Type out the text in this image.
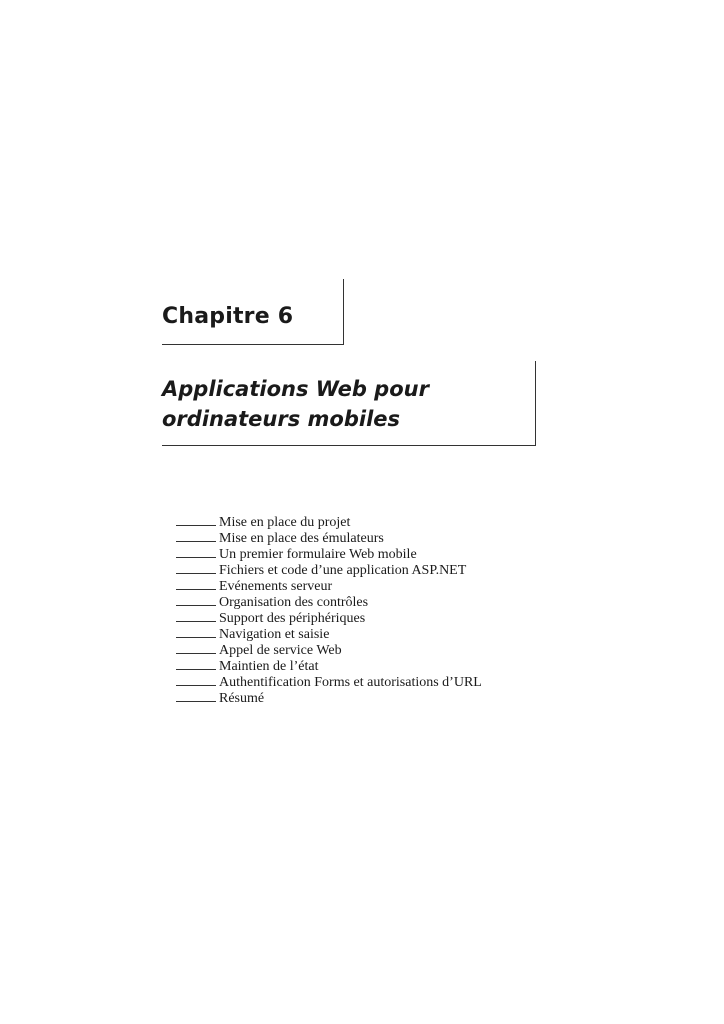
Chapitre 6
Applications Web pour
ordinateurs mobiles
Mise en place du projet
Mise en place des émulateurs
Un premier formulaire Web mobile
Fichiers et code d’une application ASP.NET
Evénements serveur
Organisation des contrôles
Support des périphériques
Navigation et saisie
Appel de service Web
Maintien de l’état
Authentification Forms et autorisations d’URL
Résumé
